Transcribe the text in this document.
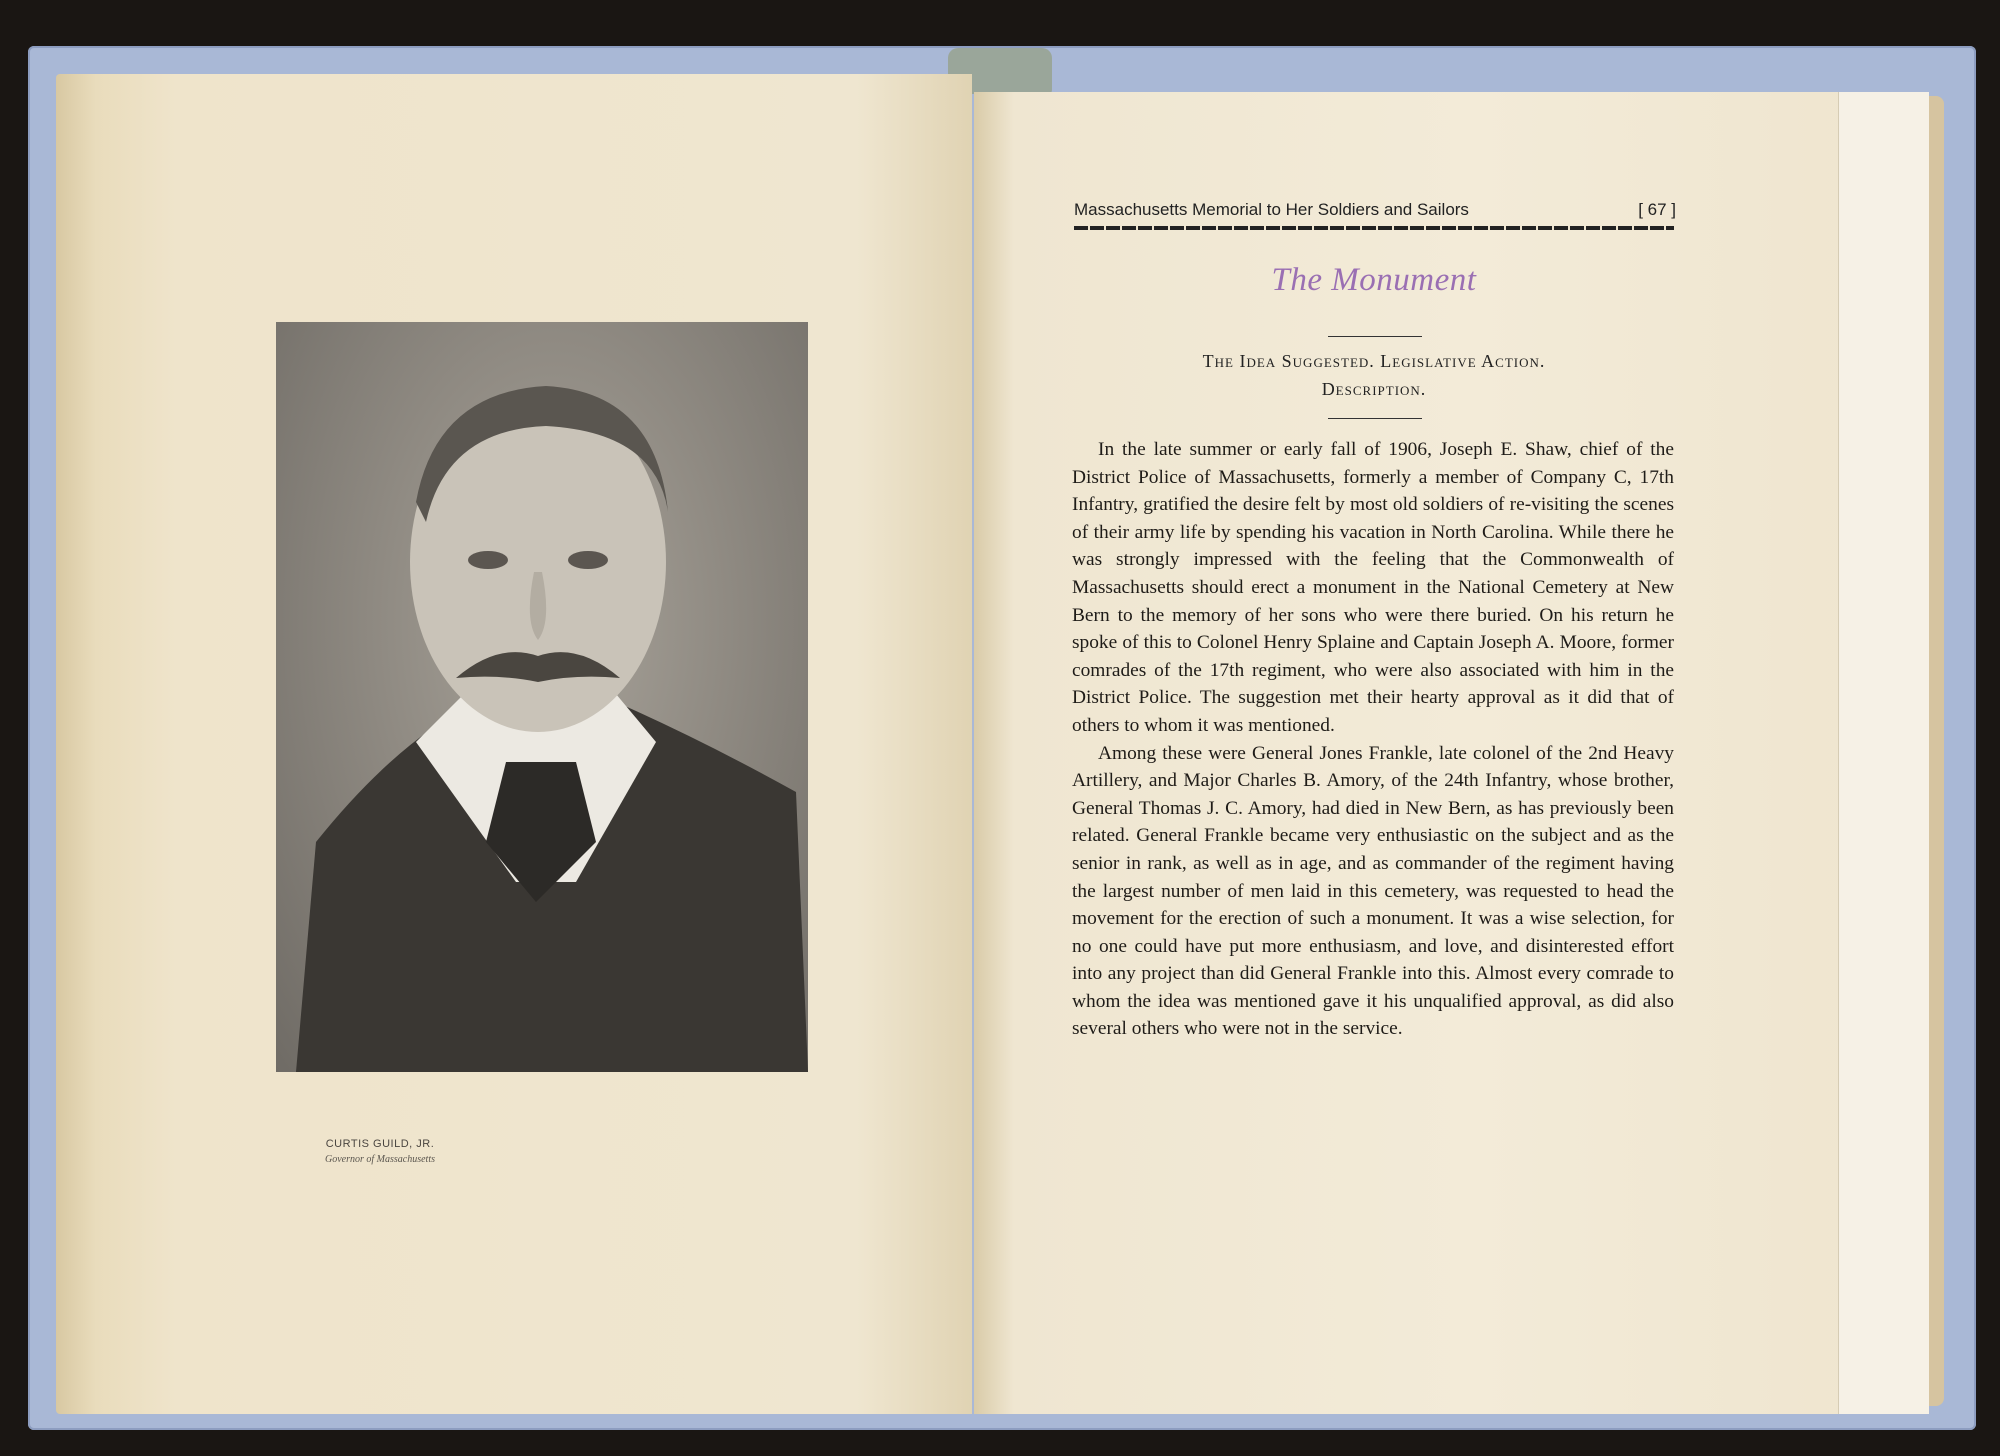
CURTIS GUILD, JR.
Governor of Massachusetts
Massachusetts Memorial to Her Soldiers and Sailors	[ 67 ]
The Monument
The Idea Suggested. Legislative Action.
Description.

In the late summer or early fall of 1906, Joseph E. Shaw, chief of the District Police of Massachusetts, formerly a member of Company C, 17th Infantry, gratified the desire felt by most old soldiers of re-visiting the scenes of their army life by spending his vacation in North Carolina. While there he was strongly impressed with the feeling that the Commonwealth of Massachusetts should erect a monument in the National Cemetery at New Bern to the memory of her sons who were there buried. On his return he spoke of this to Colonel Henry Splaine and Captain Joseph A. Moore, former comrades of the 17th regiment, who were also associated with him in the District Police. The suggestion met their hearty approval as it did that of others to whom it was mentioned.

Among these were General Jones Frankle, late colonel of the 2nd Heavy Artillery, and Major Charles B. Amory, of the 24th Infantry, whose brother, General Thomas J. C. Amory, had died in New Bern, as has previously been related. General Frankle became very enthusiastic on the subject and as the senior in rank, as well as in age, and as commander of the regiment having the largest number of men laid in this cemetery, was requested to head the movement for the erection of such a monument. It was a wise selection, for no one could have put more enthusiasm, and love, and disinterested effort into any project than did General Frankle into this. Almost every comrade to whom the idea was mentioned gave it his unqualified approval, as did also several others who were not in the service.
